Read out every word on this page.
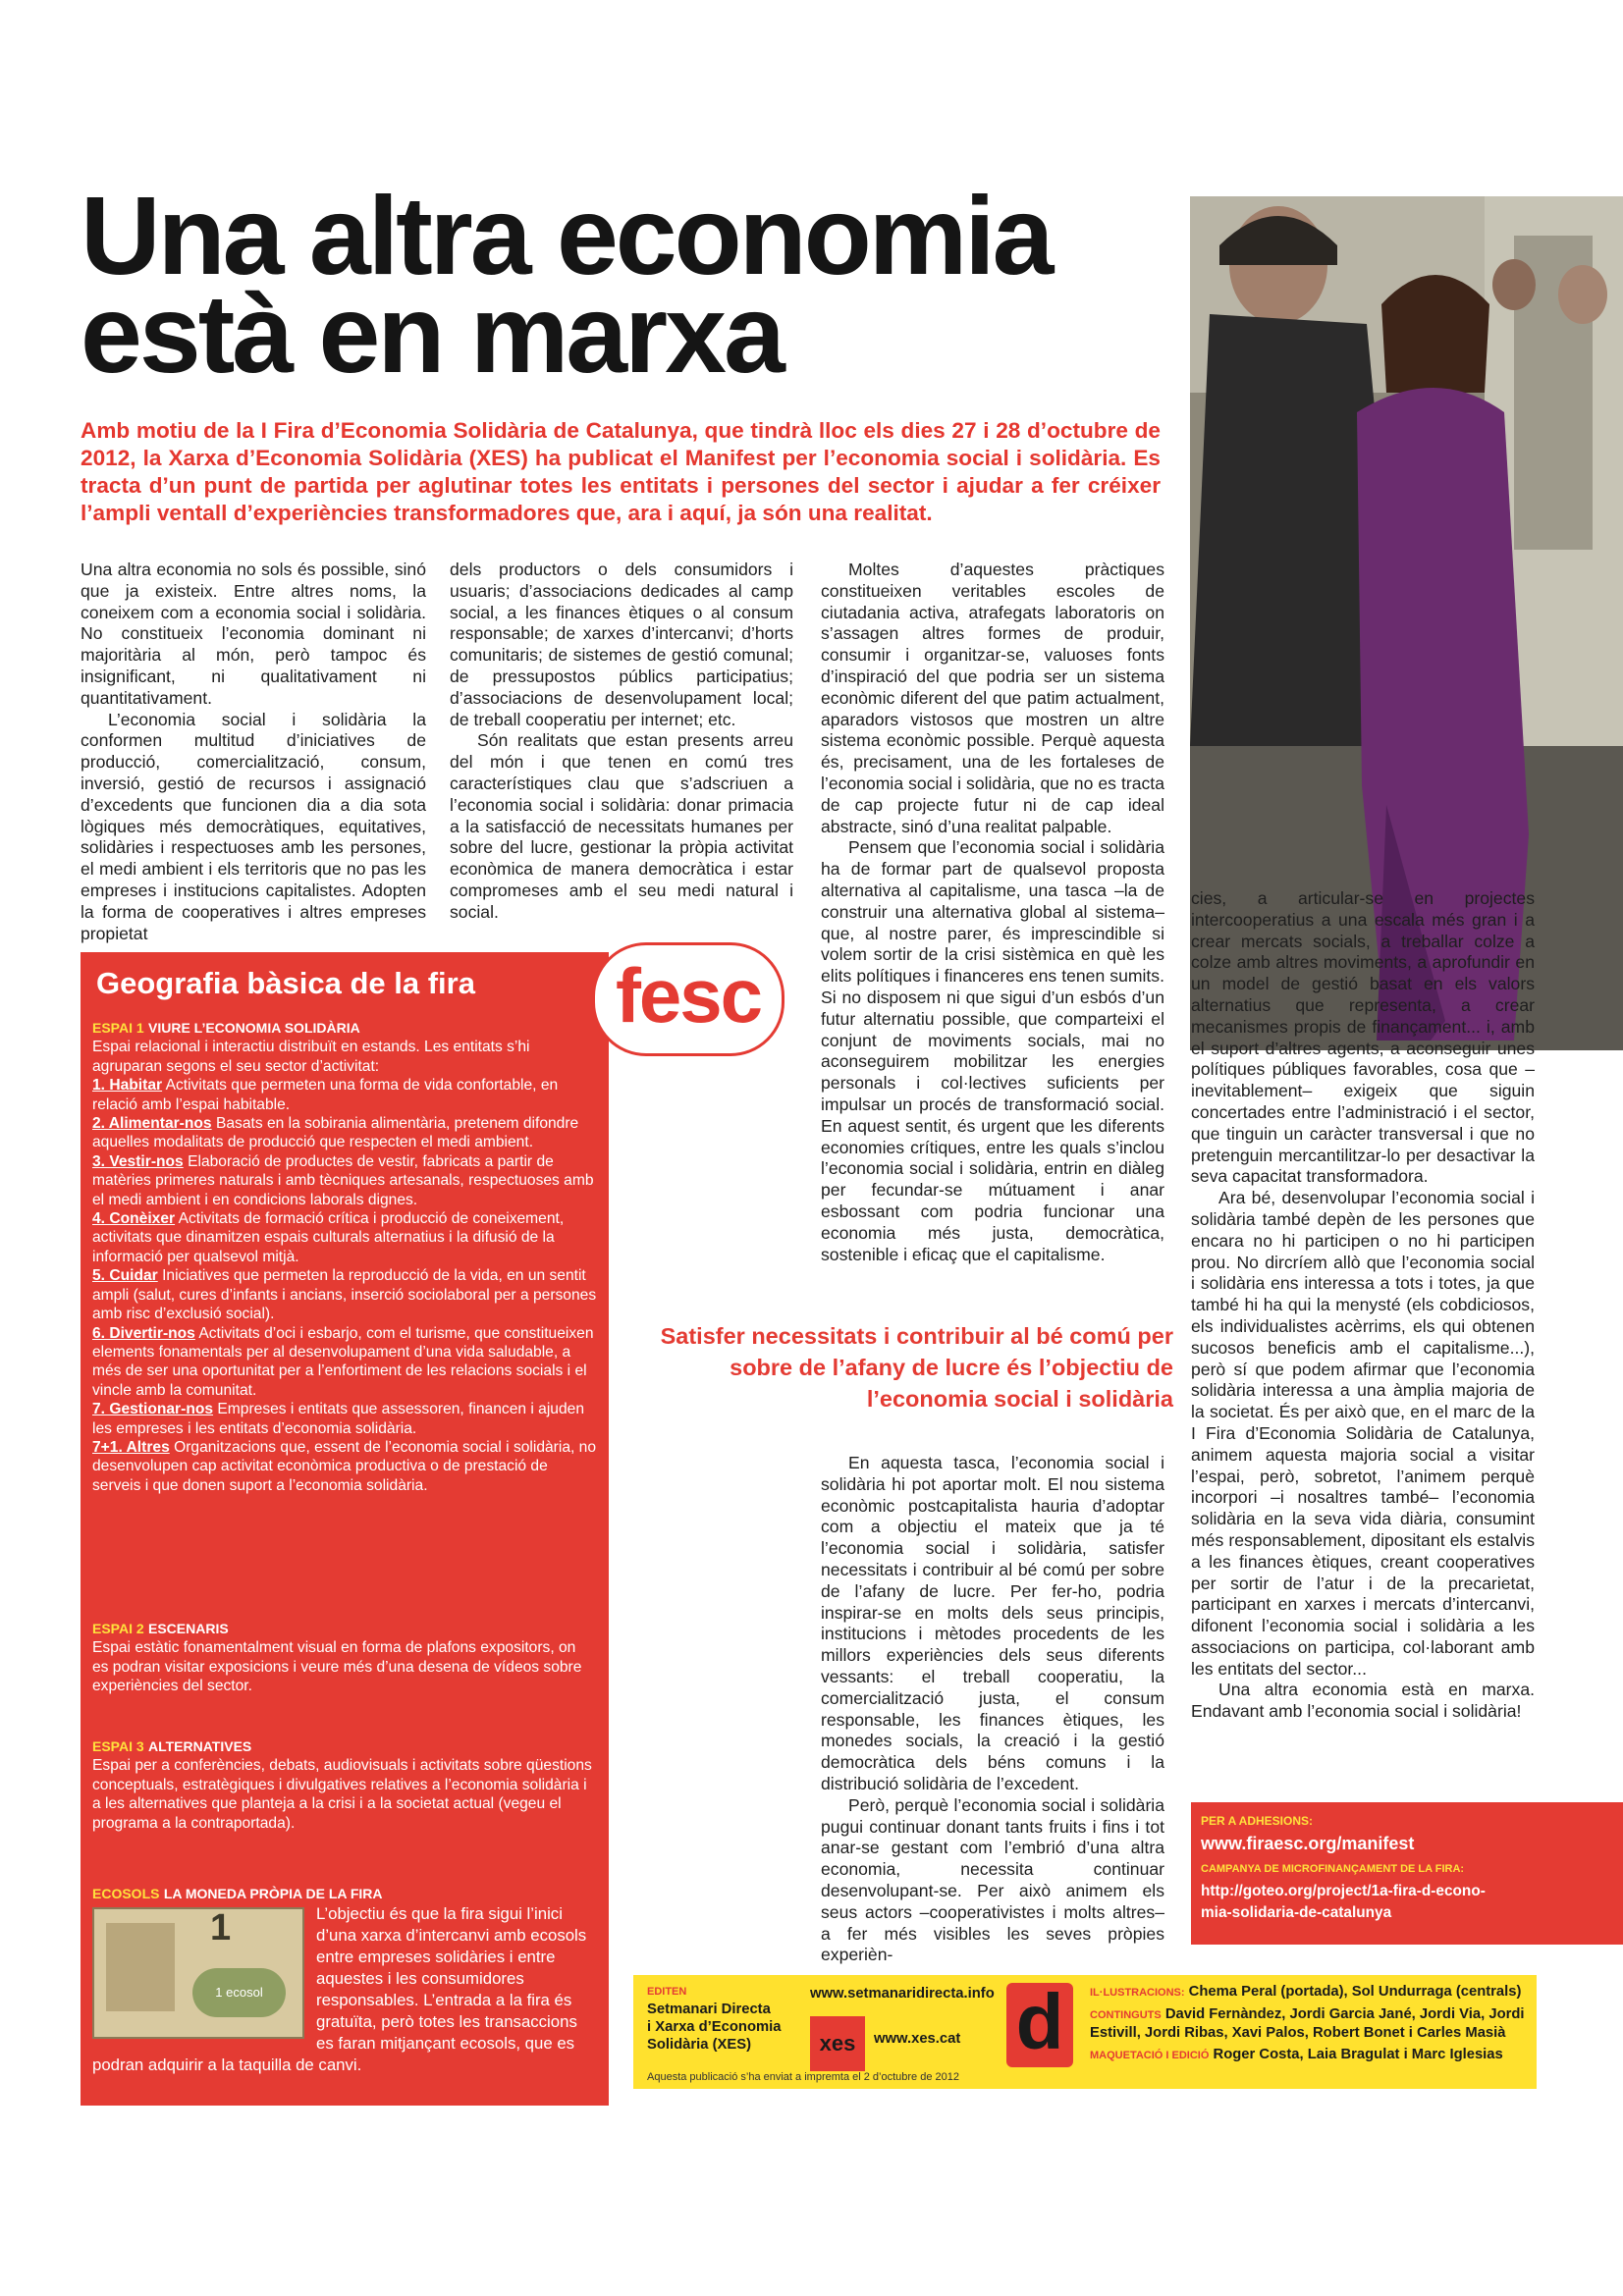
Una altra economia
està en marxa

Amb motiu de la I Fira d’Economia Solidària de Catalunya, que tindrà lloc els dies 27 i 28 d’octubre de 2012, la Xarxa d’Economia Solidària (XES) ha publicat el Manifest per l’economia social i solidària. Es tracta d’un punt de partida per aglutinar totes les entitats i persones del sector i ajudar a fer créixer l’ampli ventall d’experiències transformadores que, ara i aquí, ja són una realitat.

Una altra economia no sols és possible, sinó que ja existeix. Entre altres noms, la coneixem com a economia social i solidària. No constitueix l’economia dominant ni majoritària al món, però tampoc és insignificant, ni qualitativament ni quantitativament.

L’economia social i solidària la conformen multitud d’iniciatives de producció, comercialització, consum, inversió, gestió de recursos i assignació d’excedents que funcionen dia a dia sota lògiques més democràtiques, equitatives, solidàries i respectuoses amb les persones, el medi ambient i els territoris que no pas les empreses i institucions capitalistes. Adopten la forma de cooperatives i altres empreses propietat

dels productors o dels consumidors i usuaris; d’associacions dedicades al camp social, a les finances ètiques o al consum responsable; de xarxes d’intercanvi; d’horts comunitaris; de sistemes de gestió comunal; de pressupostos públics participatius; d’associacions de desenvolupament local; de treball cooperatiu per internet; etc.

Són realitats que estan presents arreu del món i que tenen en comú tres característiques clau que s’adscriuen a l’economia social i solidària: donar primacia a la satisfacció de necessitats humanes per sobre del lucre, gestionar la pròpia activitat econòmica de manera democràtica i estar compromeses amb el seu medi natural i social.

Moltes d’aquestes pràctiques constitueixen veritables escoles de ciutadania activa, atrafegats laboratoris on s’assagen altres formes de produir, consumir i organitzar-se, valuoses fonts d’inspiració del que podria ser un sistema econòmic diferent del que patim actualment, aparadors vistosos que mostren un altre sistema econòmic possible. Perquè aquesta és, precisament, una de les fortaleses de l’economia social i solidària, que no es tracta de cap projecte futur ni de cap ideal abstracte, sinó d’una realitat palpable.

Pensem que l’economia social i solidària ha de formar part de qualsevol proposta alternativa al capitalisme, una tasca –la de construir una alternativa global al sistema– que, al nostre parer, és imprescindible si volem sortir de la crisi sistèmica en què les elits polítiques i financeres ens tenen sumits. Si no disposem ni que sigui d’un esbós d’un futur alternatiu possible, que comparteixi el conjunt de moviments socials, mai no aconseguirem mobilitzar les energies personals i col·lectives suficients per impulsar un procés de transformació social. En aquest sentit, és urgent que les diferents economies crítiques, entre les quals s’inclou l’economia social i solidària, entrin en diàleg per fecundar-se mútuament i anar esbossant com podria funcionar una economia més justa, democràtica, sostenible i eficaç que el capitalisme.

Satisfer necessitats i contribuir al bé comú per sobre de l’afany de lucre és l’objectiu de l’economia social i solidària

En aquesta tasca, l’economia social i solidària hi pot aportar molt. El nou sistema econòmic postcapitalista hauria d’adoptar com a objectiu el mateix que ja té l’economia social i solidària, satisfer necessitats i contribuir al bé comú per sobre de l’afany de lucre. Per fer-ho, podria inspirar-se en molts dels seus principis, institucions i mètodes procedents de les millors experiències dels seus diferents vessants: el treball cooperatiu, la comercialització justa, el consum responsable, les finances ètiques, les monedes socials, la creació i la gestió democràtica dels béns comuns i la distribució solidària de l’excedent.

Però, perquè l’economia social i solidària pugui continuar donant tants fruits i fins i tot anar-se gestant com l’embrió d’una altra economia, necessita continuar desenvolupant-se. Per això animem els seus actors –cooperativistes i molts altres– a fer més visibles les seves pròpies experièn-

cies, a articular-se en projectes intercooperatius a una escala més gran i a crear mercats socials, a treballar colze a colze amb altres moviments, a aprofundir en un model de gestió basat en els valors alternatius que representa, a crear mecanismes propis de finançament... i, amb el suport d’altres agents, a aconseguir unes polítiques públiques favorables, cosa que –inevitablement– exigeix que siguin concertades entre l’administració i el sector, que tinguin un caràcter transversal i que no pretenguin mercantilitzar-lo per desactivar la seva capacitat transformadora.

Ara bé, desenvolupar l’economia social i solidària també depèn de les persones que encara no hi participen o no hi participen prou. No dircríem allò que l’economia social i solidària ens interessa a tots i totes, ja que també hi ha qui la menysté (els cobdiciosos, els individualistes acèrrims, els qui obtenen sucosos beneficis amb el capitalisme...), però sí que podem afirmar que l’economia solidària interessa a una àmplia majoria de la societat. És per això que, en el marc de la I Fira d’Economia Solidària de Catalunya, animem aquesta majoria social a visitar l’espai, però, sobretot, l’animem perquè incorpori –i nosaltres també– l’economia solidària en la seva vida diària, consumint més responsablement, dipositant els estalvis a les finances ètiques, creant cooperatives per sortir de l’atur i de la precarietat, participant en xarxes i mercats d’intercanvi, difonent l’economia social i solidària a les associacions on participa, col·laborant amb les entitats del sector...

Una altra economia està en marxa. Endavant amb l’economia social i solidària!

Geografia bàsica de la fira
ESPAI 1 VIURE L’ECONOMIA SOLIDÀRIA
Espai relacional i interactiu distribuït en estands. Les entitats s’hi agruparan segons el seu sector d’activitat:
1. Habitar Activitats que permeten una forma de vida confortable, en relació amb l’espai habitable.
2. Alimentar-nos Basats en la sobirania alimentària, pretenem difondre aquelles modalitats de producció que respecten el medi ambient.
3. Vestir-nos Elaboració de productes de vestir, fabricats a partir de matèries primeres naturals i amb tècniques artesanals, respectuoses amb el medi ambient i en condicions laborals dignes.
4. Conèixer Activitats de formació crítica i producció de coneixement, activitats que dinamitzen espais culturals alternatius i la difusió de la informació per qualsevol mitjà.
5. Cuidar Iniciatives que permeten la reproducció de la vida, en un sentit ampli (salut, cures d’infants i ancians, inserció sociolaboral per a persones amb risc d’exclusió social).
6. Divertir-nos Activitats d’oci i esbarjo, com el turisme, que constitueixen elements fonamentals per al desenvolupament d’una vida saludable, a més de ser una oportunitat per a l’enfortiment de les relacions socials i el vincle amb la comunitat.
7. Gestionar-nos Empreses i entitats que assessoren, financen i ajuden les empreses i les entitats d’economia solidària.
7+1. Altres Organitzacions que, essent de l’economia social i solidària, no desenvolupen cap activitat econòmica productiva o de prestació de serveis i que donen suport a l’economia solidària.
ESPAI 2 ESCENARIS
Espai estàtic fonamentalment visual en forma de plafons expositors, on es podran visitar exposicions i veure més d’una desena de vídeos sobre experiències del sector.
ESPAI 3 ALTERNATIVES
Espai per a conferències, debats, audiovisuals i activitats sobre qüestions conceptuals, estratègiques i divulgatives relatives a l’economia solidària i a les alternatives que planteja a la crisi i a la societat actual (vegeu el programa a la contraportada).
ECOSOLS LA MONEDA PRÒPIA DE LA FIRA
1
1 ecosol
L’objectiu és que la fira sigui l’inici d’una xarxa d’intercanvi amb ecosols entre empreses solidàries i entre aquestes i les consumidores responsables. L’entrada a la fira és gratuïta, però totes les transaccions es faran mitjançant ecosols, que es podran adquirir a la taquilla de canvi.
fesc
PER A ADHESIONS:
www.firaesc.org/manifest
CAMPANYA DE MICROFINANÇAMENT DE LA FIRA:
http://goteo.org/project/1a-fira-d-econo-
mia-solidaria-de-catalunya
EDITEN
Setmanari Directa
i Xarxa d’Economia
Solidària (XES)
www.setmanaridirecta.info
xes	www.xes.cat d
Aquesta publicació s’ha enviat a impremta el 2 d’octubre de 2012
IL·LUSTRACIONS: Chema Peral (portada), Sol Undurraga (centrals)
CONTINGUTS David Fernàndez, Jordi Garcia Jané, Jordi Via, Jordi
Estivill, Jordi Ribas, Xavi Palos, Robert Bonet i Carles Masià
MAQUETACIÓ I EDICIÓ Roger Costa, Laia Bragulat i Marc Iglesias
